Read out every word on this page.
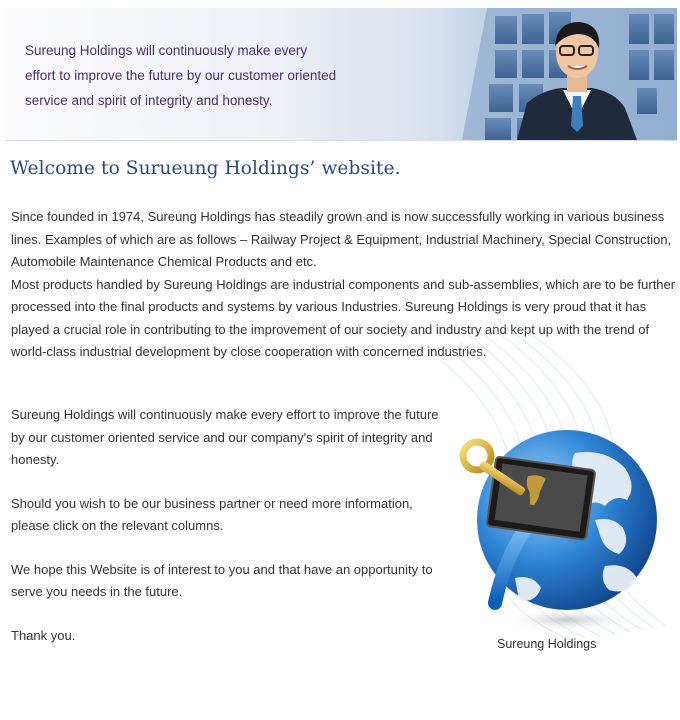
Sureung Holdings will continuously make every

effort to improve the future by our customer oriented

service and spirit of integrity and honesty.

Welcome to Surueung Holdings’ website.

Since founded in 1974, Sureung Holdings has steadily grown and is now successfully working in various business lines. Examples of which are as follows – Railway Project & Equipment, Industrial Machinery, Special Construction, Automobile Maintenance Chemical Products and etc.

Most products handled by Sureung Holdings are industrial components and sub-assemblies, which are to be further processed into the final products and systems by various Industries. Sureung Holdings is very proud that it has played a crucial role in contributing to the improvement of our society and industry and kept up with the trend of world-class industrial development by close cooperation with concerned industries.

Sureung Holdings will continuously make every effort to improve the future by our customer oriented service and our company's spirit of integrity and honesty.

Should you wish to be our business partner or need more information, please click on the relevant columns.

We hope this Website is of interest to you and that have an opportunity to serve you needs in the future.

Thank you.

Sureung Holdings
